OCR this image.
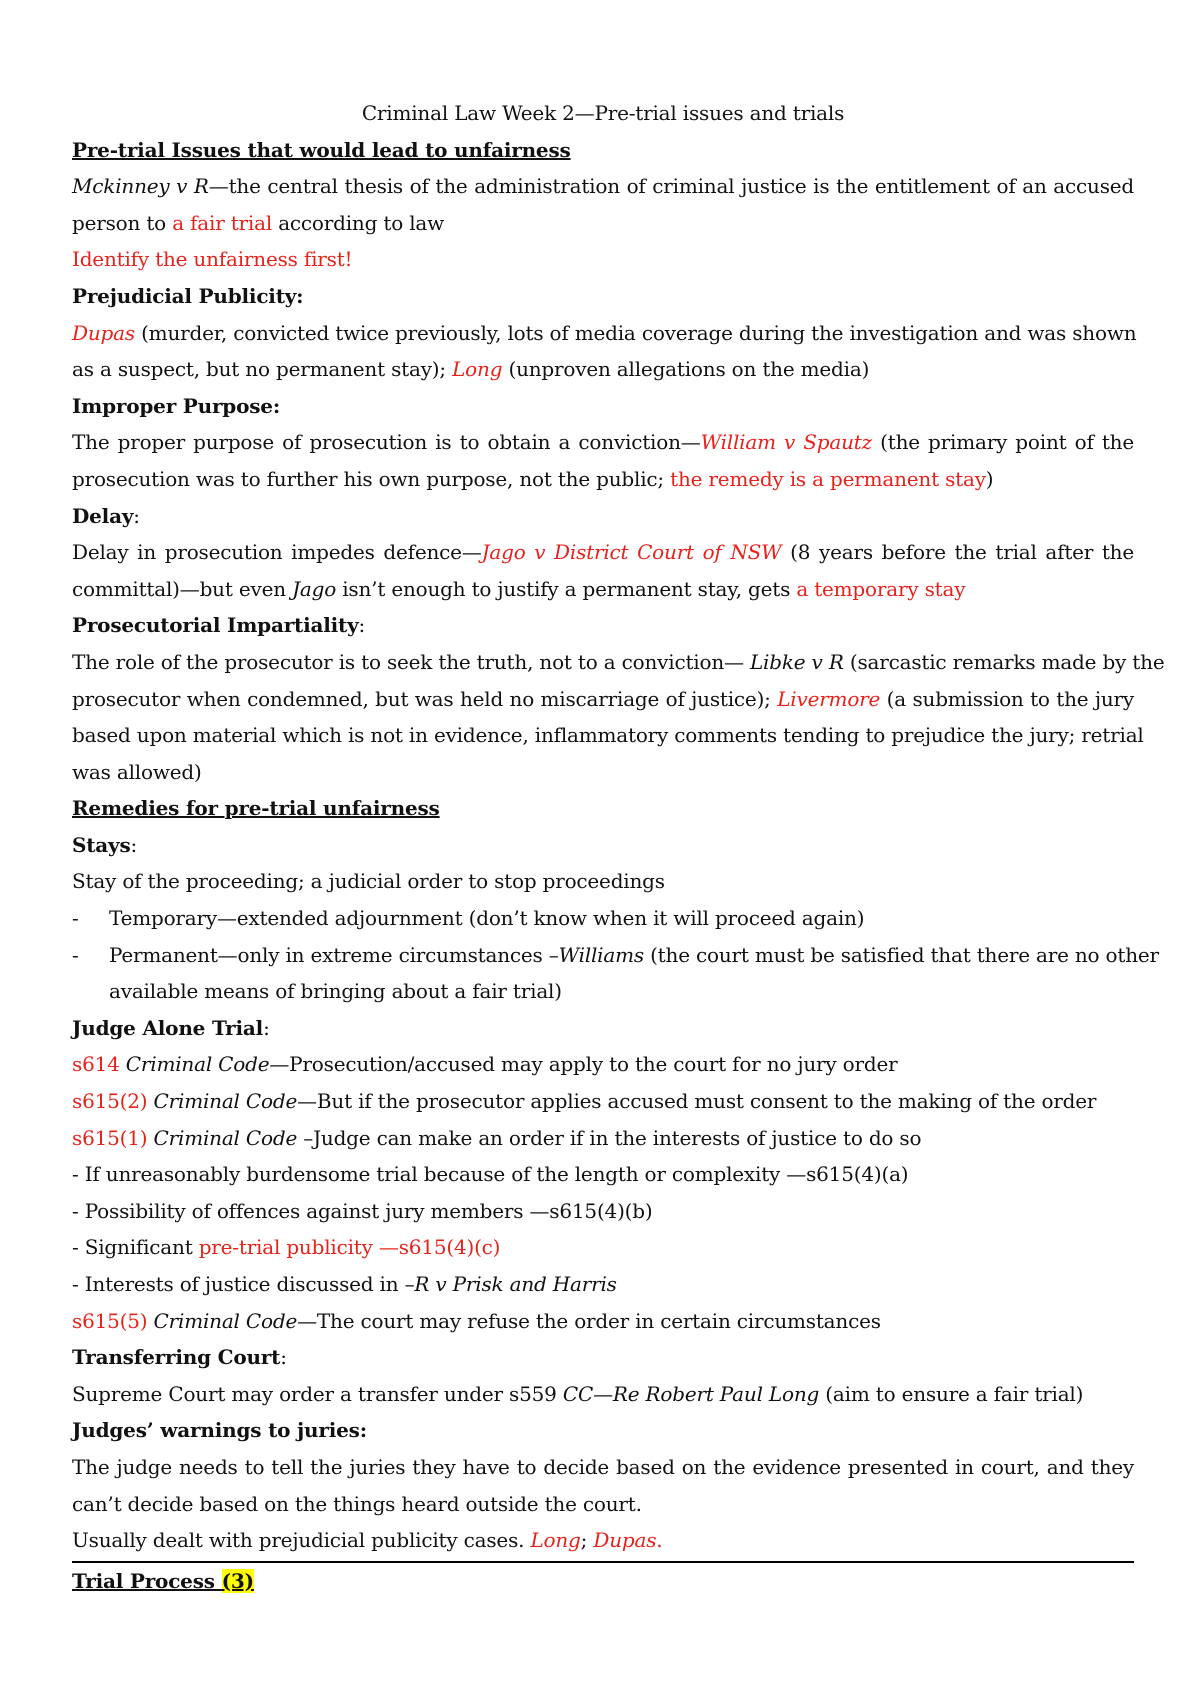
Criminal Law Week 2—Pre-trial issues and trials
Pre-trial Issues that would lead to unfairness
Mckinney v R—the central thesis of the administration of criminal justice is the entitlement of an accused
person to a fair trial according to law
Identify the unfairness first!
Prejudicial Publicity:
Dupas (murder, convicted twice previously, lots of media coverage during the investigation and was shown
as a suspect, but no permanent stay); Long (unproven allegations on the media)
Improper Purpose:
The proper purpose of prosecution is to obtain a conviction—William v Spautz (the primary point of the
prosecution was to further his own purpose, not the public; the remedy is a permanent stay)
Delay:
Delay in prosecution impedes defence—Jago v District Court of NSW (8 years before the trial after the
committal)—but even Jago isn’t enough to justify a permanent stay, gets a temporary stay
Prosecutorial Impartiality:
The role of the prosecutor is to seek the truth, not to a conviction— Libke v R (sarcastic remarks made by the
prosecutor when condemned, but was held no miscarriage of justice); Livermore (a submission to the jury
based upon material which is not in evidence, inflammatory comments tending to prejudice the jury; retrial
was allowed)
Remedies for pre-trial unfairness
Stays:
Stay of the proceeding; a judicial order to stop proceedings
- Temporary—extended adjournment (don’t know when it will proceed again)
- Permanent—only in extreme circumstances –Williams (the court must be satisfied that there are no other
available means of bringing about a fair trial)
Judge Alone Trial:
s614 Criminal Code—Prosecution/accused may apply to the court for no jury order
s615(2) Criminal Code—But if the prosecutor applies accused must consent to the making of the order
s615(1) Criminal Code –Judge can make an order if in the interests of justice to do so
- If unreasonably burdensome trial because of the length or complexity —s615(4)(a)
- Possibility of offences against jury members —s615(4)(b)
- Significant pre-trial publicity —s615(4)(c)
- Interests of justice discussed in –R v Prisk and Harris
s615(5) Criminal Code—The court may refuse the order in certain circumstances
Transferring Court:
Supreme Court may order a transfer under s559 CC—Re Robert Paul Long (aim to ensure a fair trial)
Judges’ warnings to juries:
The judge needs to tell the juries they have to decide based on the evidence presented in court, and they
can’t decide based on the things heard outside the court.
Usually dealt with prejudicial publicity cases. Long; Dupas.
Trial Process (3)
